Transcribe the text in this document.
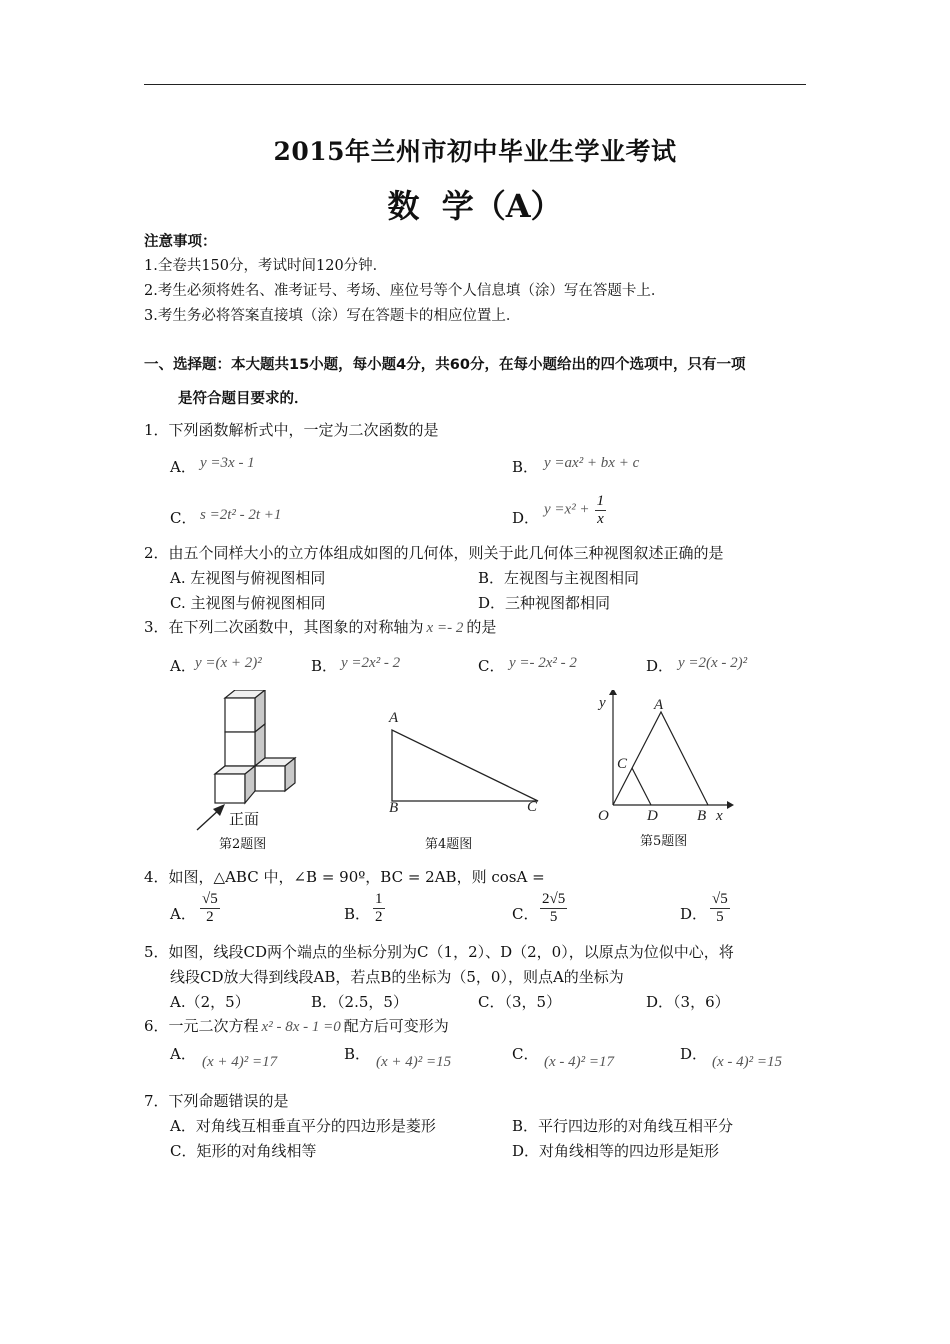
2015年兰州市初中毕业生学业考试
数  学（A）
注意事项：
1.全卷共150分，考试时间120分钟．
2.考生必须将姓名、准考证号、考场、座位号等个人信息填（涂）写在答题卡上．
3.考生务必将答案直接填（涂）写在答题卡的相应位置上．
一、选择题：本大题共15小题，每小题4分，共60分，在每小题给出的四个选项中，只有一项
是符合题目要求的．
1．下列函数解析式中，一定为二次函数的是
A． y =3x - 1	B． y =ax² + bx + c
C． s =2t² - 2t +1	D． $y =x^2 + \frac{1}{x}$
2．由五个同样大小的立方体组成如图的几何体，则关于此几何体三种视图叙述正确的是
A. 左视图与俯视图相同	B．左视图与主视图相同
C. 主视图与俯视图相同	D．三种视图都相同
3．在下列二次函数中，其图象的对称轴为 x =- 2 的是
A． y =(x + 2)²	B． y =2x² - 2	C． y =- 2x² - 2	D． y =2(x - 2)²
正面
第2题图
A
B	C
第4题图
y	A
C
O	D	B x
第5题图
4．如图，△ABC 中，∠B = 90º，BC = 2AB，则 cosA =
A． $\frac{√5}{2}$	B． $\frac{1}{2}$	C． $\frac{2√5}{5}$	D． $\frac{√5}{5}$
5．如图，线段CD两个端点的坐标分别为C（1，2）、D（2，0），以原点为位似中心，将
线段CD放大得到线段AB，若点B的坐标为（5，0），则点A的坐标为
A.（2，5）	B．（2.5，5）	C．（3，5）	D．（3，6）
6．一元二次方程 x² - 8x - 1 =0 配方后可变形为
A． (x + 4)² =17	B． (x + 4)² =15	C． (x - 4)² =17	D． (x - 4)² =15
7．下列命题错误的是
A．对角线互相垂直平分的四边形是菱形	B．平行四边形的对角线互相平分
C．矩形的对角线相等	D．对角线相等的四边形是矩形
